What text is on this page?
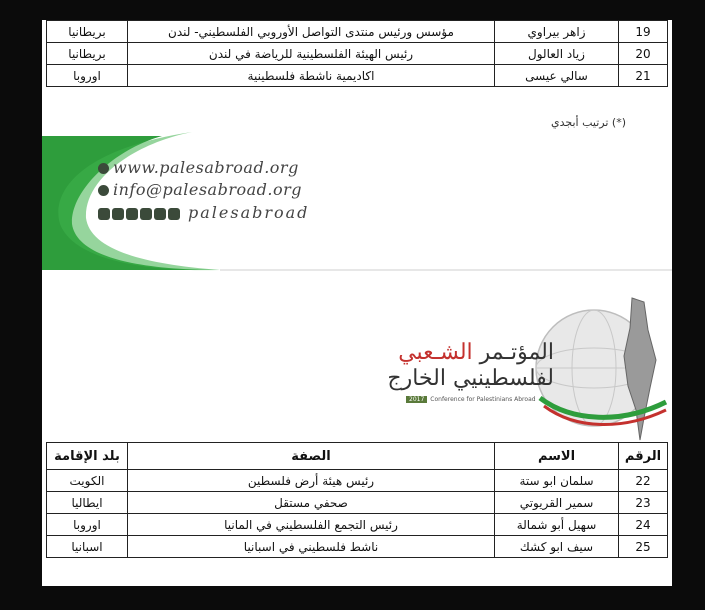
19	زاهر بيراوي	مؤسس ورئيس منتدى التواصل الأوروبي الفلسطيني- لندن	بريطانيا
20	زياد العالول	رئيس الهيئة الفلسطينية للرياضة في لندن	بريطانيا
21	سالي عيسى	اكاديمية ناشطة فلسطينية	اوروبا
(*) ترتيب أبجدي
www.palesabroad.org
info@palesabroad.org
palesabroad
المؤتـمر الشـعبي
لفلسطينيي الخارج
2017 Conference for Palestinians Abroad
الرقم	الاسم	الصفة	بلد الإقامة
22	سلمان ابو ستة	رئيس هيئة أرض فلسطين	الكويت
23	سمير القريوتي	صحفي مستقل	ايطاليا
24	سهيل أبو شمالة	رئيس التجمع الفلسطيني في المانيا	اوروبا
25	سيف ابو كشك	ناشط فلسطيني في اسبانيا	اسبانيا
